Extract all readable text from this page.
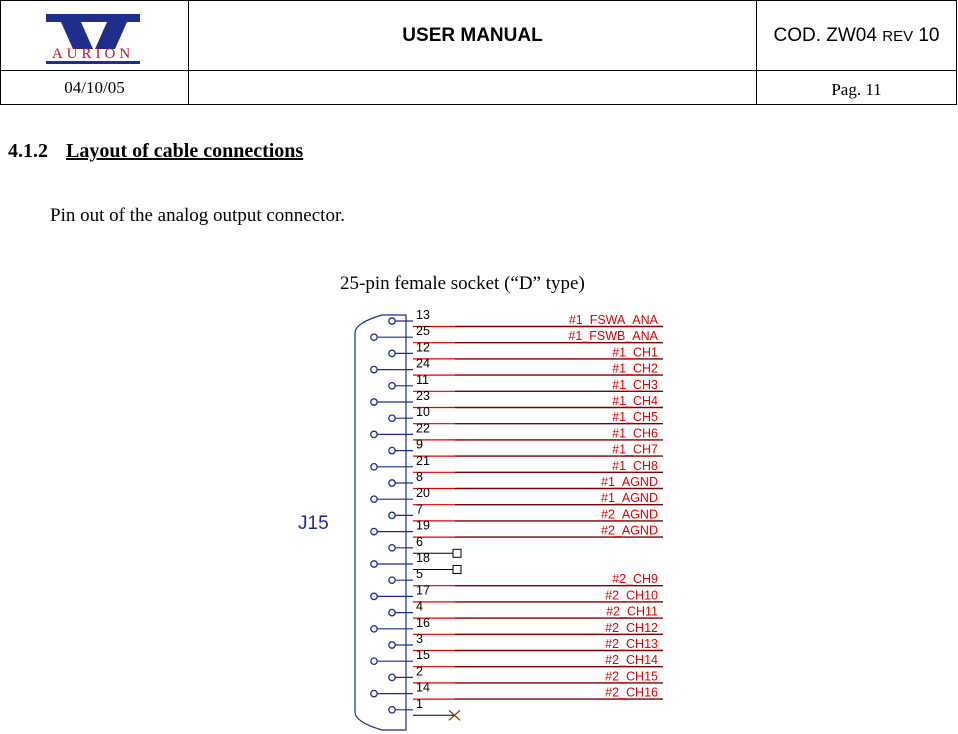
AURION	USER MANUAL	COD. ZW04 REV 10
04/10/05		Pag. 11
4.1.2 Layout of cable connections
Pin out of the analog output connector.
25-pin female socket (“D” type)
J15
13	#1_FSWA_ANA
25	#1_FSWB_ANA
12	#1_CH1
24	#1_CH2
11	#1_CH3
23	#1_CH4
10	#1_CH5
22	#1_CH6
9	#1_CH7
21	#1_CH8
8	#1_AGND
20	#1_AGND
7	#2_AGND
19	#2_AGND
6
18
5	#2_CH9
17	#2_CH10
4	#2_CH11
16	#2_CH12
3	#2_CH13
15	#2_CH14
2	#2_CH15
14	#2_CH16
1
